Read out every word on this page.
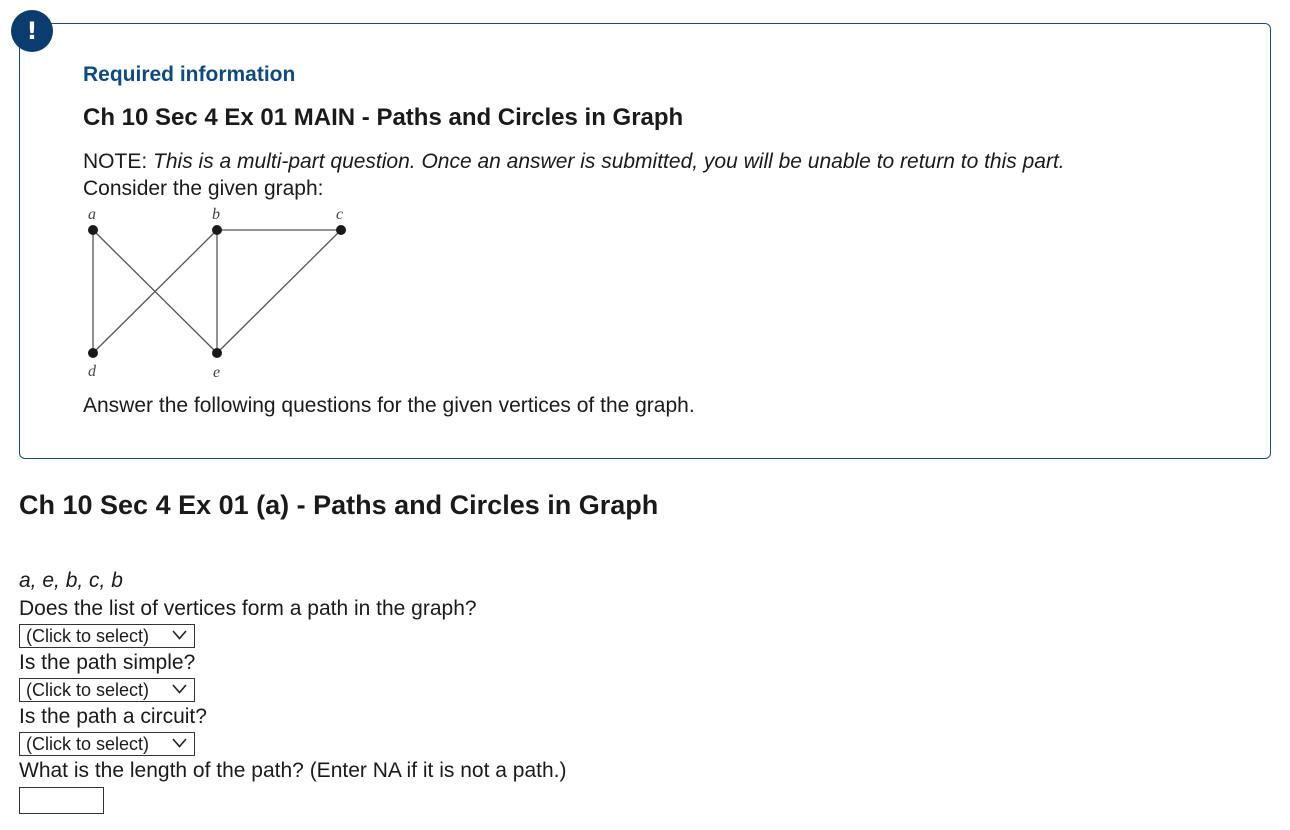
!

Required information

Ch 10 Sec 4 Ex 01 MAIN - Paths and Circles in Graph

NOTE: This is a multi-part question. Once an answer is submitted, you will be unable to return to this part.

Consider the given graph:

a	b	c
d	e

Answer the following questions for the given vertices of the graph.

Ch 10 Sec 4 Ex 01 (a) - Paths and Circles in Graph

a, e, b, c, b

Does the list of vertices form a path in the graph?

(Click to select)

Is the path simple?

(Click to select)

Is the path a circuit?

(Click to select)

What is the length of the path? (Enter NA if it is not a path.)
